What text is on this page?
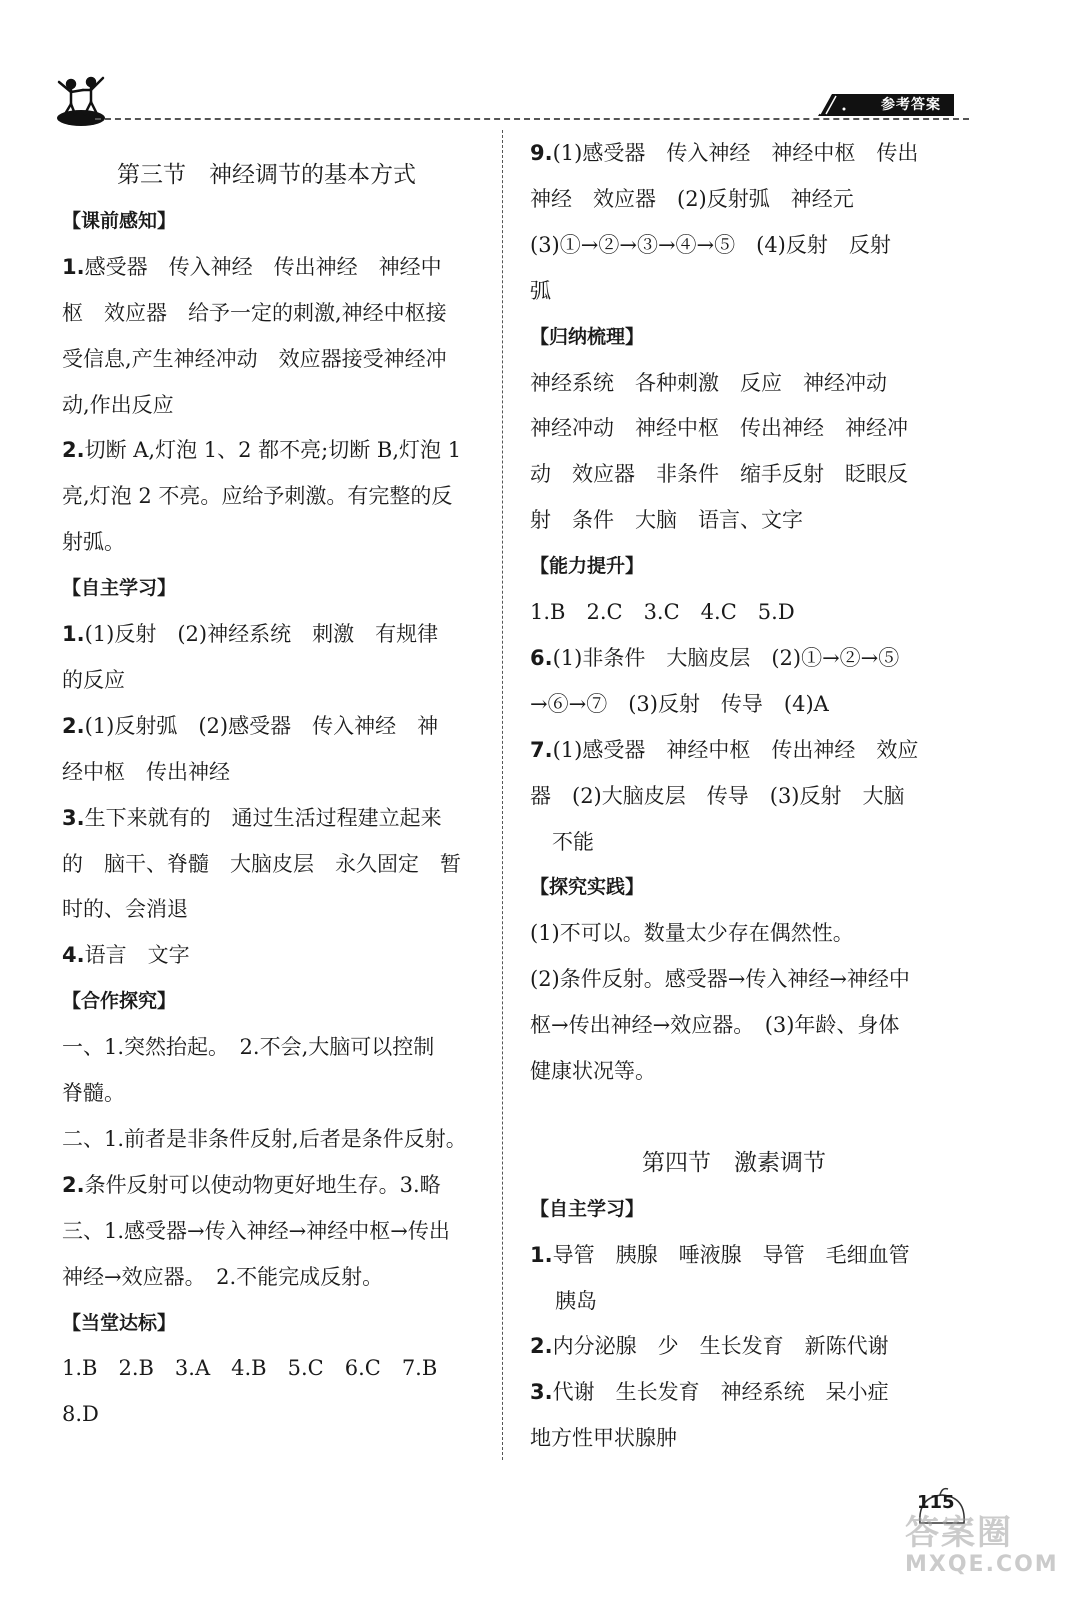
参考答案
第三节　神经调节的基本方式
【课前感知】
1.感受器　传入神经　传出神经　神经中
枢　效应器　给予一定的刺激,神经中枢接
受信息,产生神经冲动　效应器接受神经冲
动,作出反应
2.切断 A,灯泡 1、2 都不亮;切断 B,灯泡 1
亮,灯泡 2 不亮。应给予刺激。有完整的反
射弧。
【自主学习】
1.(1)反射　(2)神经系统　刺激　有规律
的反应
2.(1)反射弧　(2)感受器　传入神经　神
经中枢　传出神经
3.生下来就有的　通过生活过程建立起来
的　脑干、脊髓　大脑皮层　永久固定　暂
时的、会消退
4.语言　文字
【合作探究】
一、1.突然抬起。　2.不会,大脑可以控制
脊髓。
二、1.前者是非条件反射,后者是条件反射。
2.条件反射可以使动物更好地生存。3.略
三、1.感受器→传入神经→神经中枢→传出
神经→效应器。　2.不能完成反射。
【当堂达标】
1.B　2.B　3.A　4.B　5.C　6.C　7.B
8.D
9.(1)感受器　传入神经　神经中枢　传出
神经　效应器　(2)反射弧　神经元
(3)①→②→③→④→⑤　(4)反射　反射
弧
【归纳梳理】
神经系统　各种刺激　反应　神经冲动
神经冲动　神经中枢　传出神经　神经冲
动　效应器　非条件　缩手反射　眨眼反
射　条件　大脑　语言、文字
【能力提升】
1.B　2.C　3.C　4.C　5.D
6.(1)非条件　大脑皮层　(2)①→②→⑤
→⑥→⑦　(3)反射　传导　(4)A
7.(1)感受器　神经中枢　传出神经　效应
器　(2)大脑皮层　传导　(3)反射　大脑
不能
【探究实践】
(1)不可以。数量太少存在偶然性。
(2)条件反射。感受器→传入神经→神经中
枢→传出神经→效应器。　(3)年龄、身体
健康状况等。
第四节　激素调节
【自主学习】
1.导管　胰腺　唾液腺　导管　毛细血管
胰岛
2.内分泌腺　少　生长发育　新陈代谢
3.代谢　生长发育　神经系统　呆小症
地方性甲状腺肿
115
答案圈
MXQE.COM
